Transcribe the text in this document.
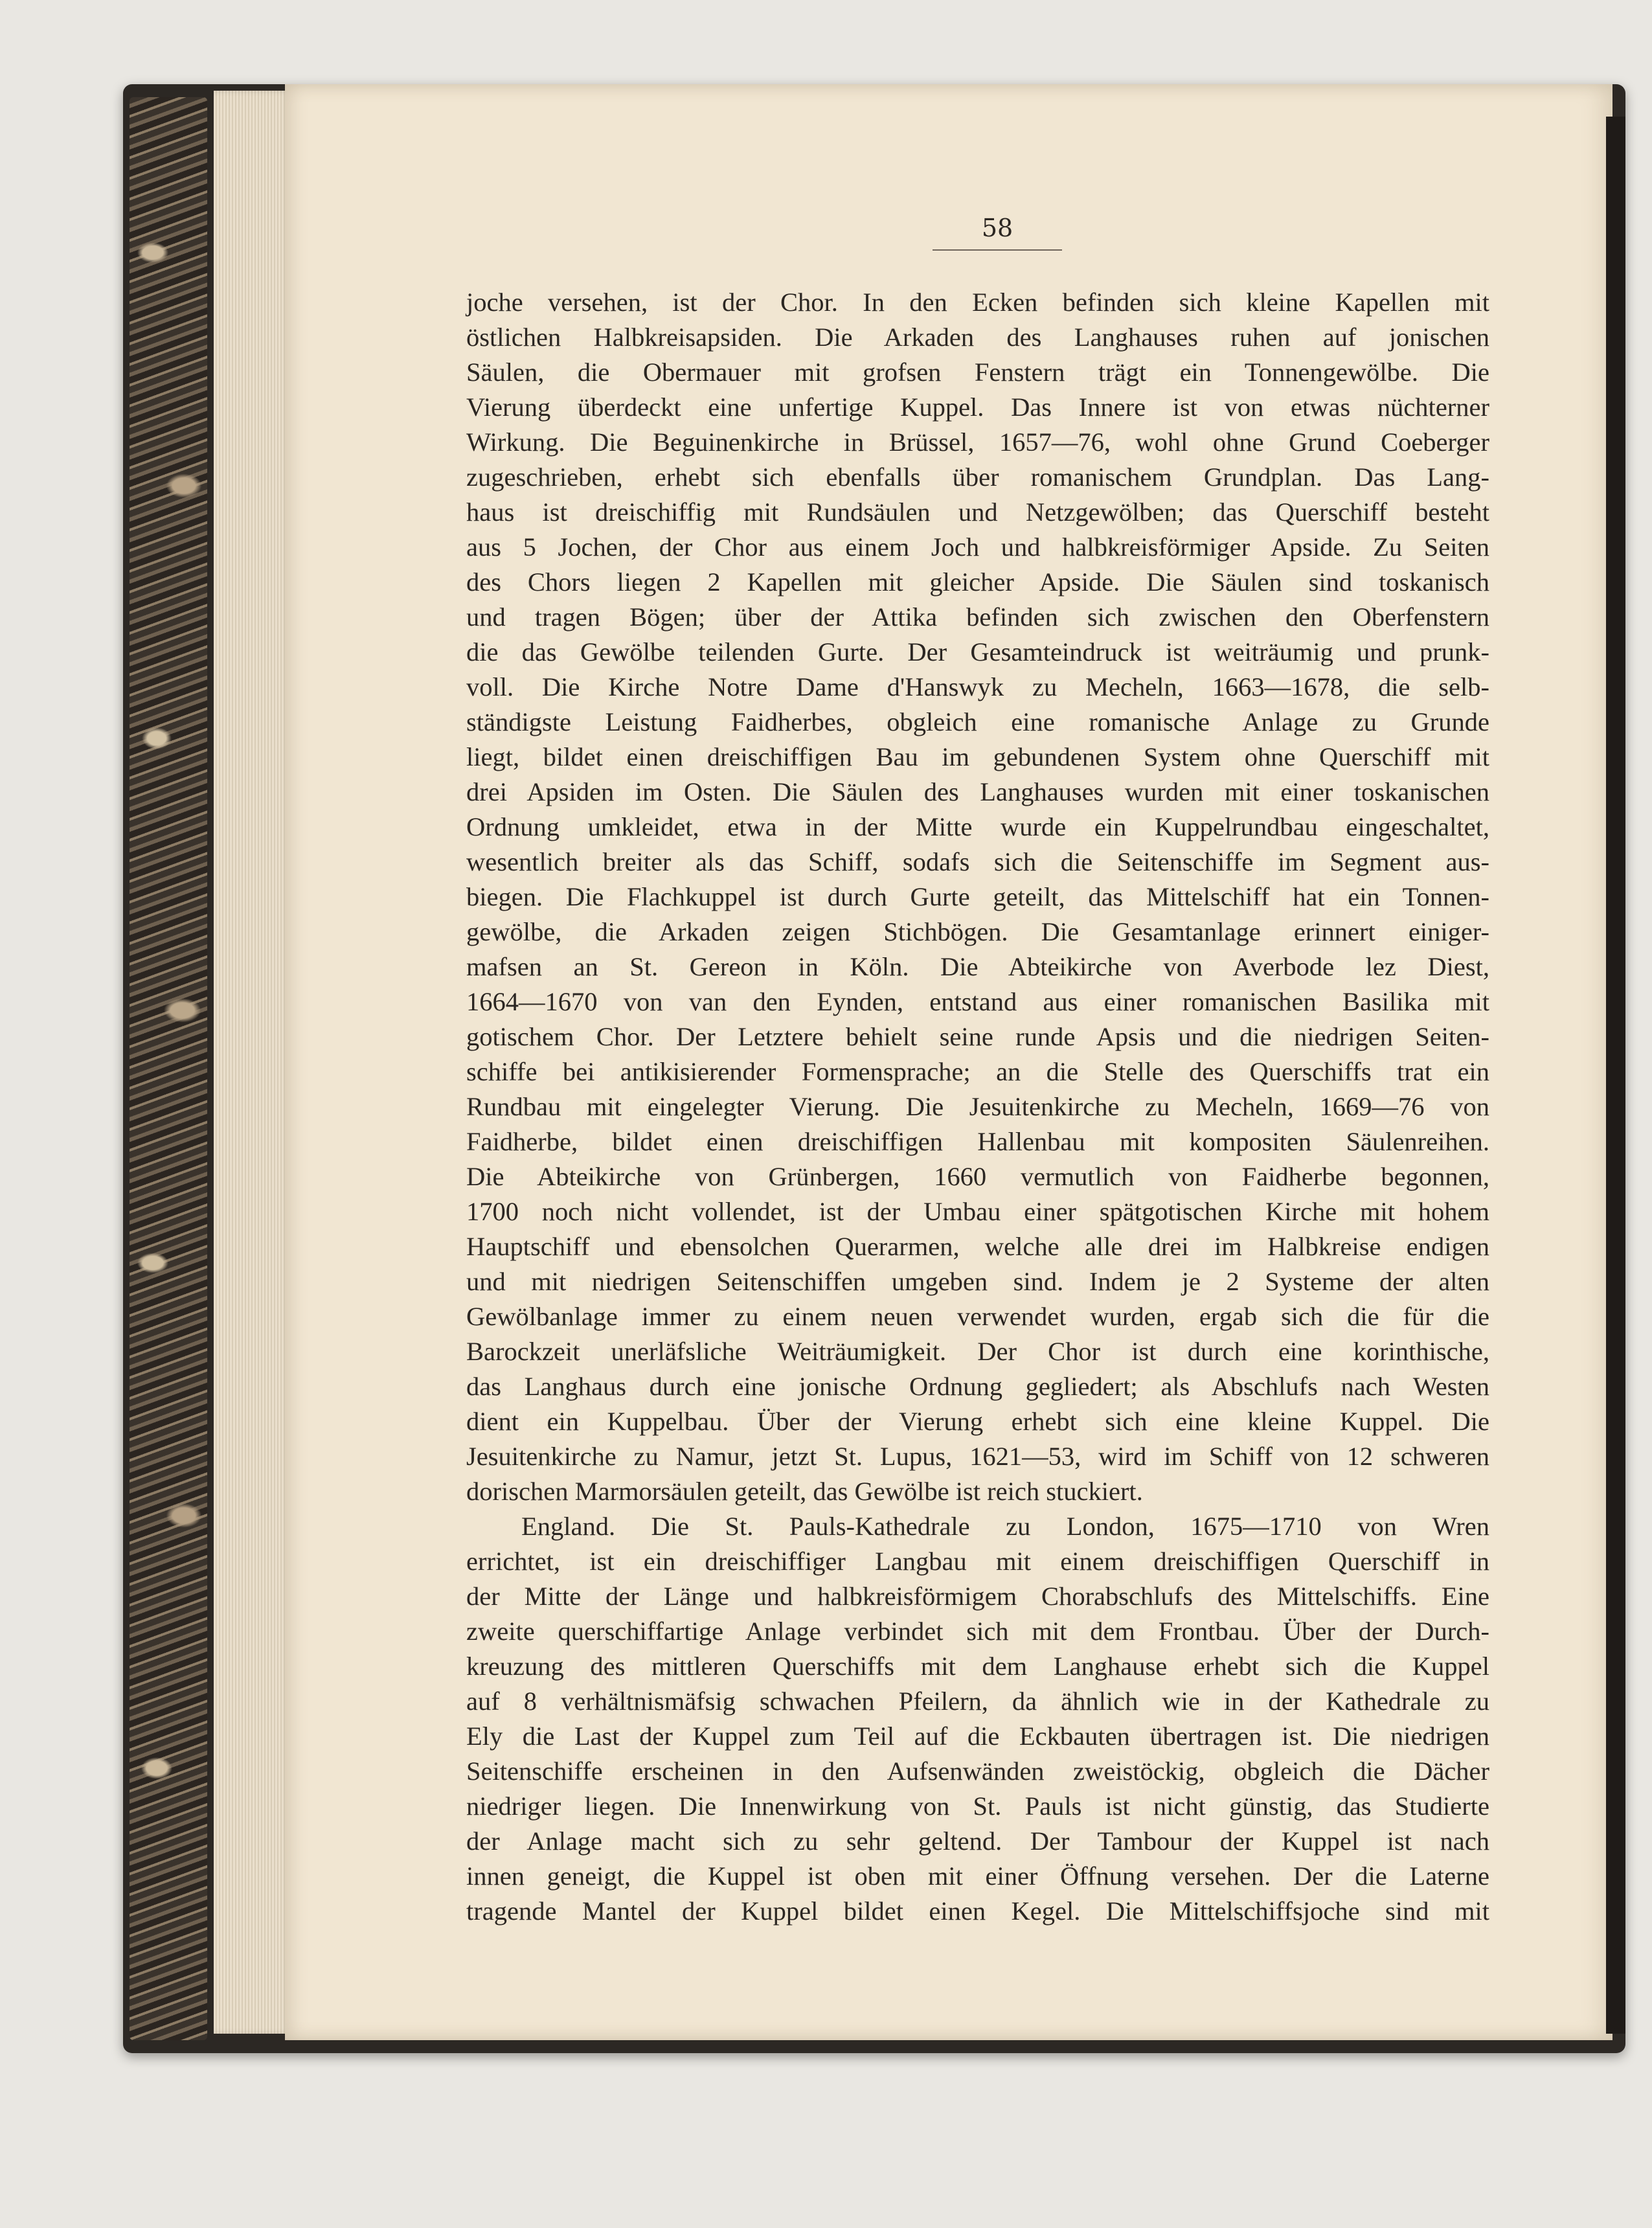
58
joche versehen, ist der Chor. In den Ecken befinden sich kleine Kapellen mit
östlichen Halbkreisapsiden. Die Arkaden des Langhauses ruhen auf jonischen
Säulen, die Obermauer mit grofsen Fenstern trägt ein Tonnengewölbe. Die
Vierung überdeckt eine unfertige Kuppel. Das Innere ist von etwas nüchterner
Wirkung. Die Beguinenkirche in Brüssel, 1657—76, wohl ohne Grund Coeberger
zugeschrieben, erhebt sich ebenfalls über romanischem Grundplan. Das Lang-
haus ist dreischiffig mit Rundsäulen und Netzgewölben; das Querschiff besteht
aus 5 Jochen, der Chor aus einem Joch und halbkreisförmiger Apside. Zu Seiten
des Chors liegen 2 Kapellen mit gleicher Apside. Die Säulen sind toskanisch
und tragen Bögen; über der Attika befinden sich zwischen den Oberfenstern
die das Gewölbe teilenden Gurte. Der Gesamteindruck ist weiträumig und prunk-
voll. Die Kirche Notre Dame d'Hanswyk zu Mecheln, 1663—1678, die selb-
ständigste Leistung Faidherbes, obgleich eine romanische Anlage zu Grunde
liegt, bildet einen dreischiffigen Bau im gebundenen System ohne Querschiff mit
drei Apsiden im Osten. Die Säulen des Langhauses wurden mit einer toskanischen
Ordnung umkleidet, etwa in der Mitte wurde ein Kuppelrundbau eingeschaltet,
wesentlich breiter als das Schiff, sodafs sich die Seitenschiffe im Segment aus-
biegen. Die Flachkuppel ist durch Gurte geteilt, das Mittelschiff hat ein Tonnen-
gewölbe, die Arkaden zeigen Stichbögen. Die Gesamtanlage erinnert einiger-
mafsen an St. Gereon in Köln. Die Abteikirche von Averbode lez Diest,
1664—1670 von van den Eynden, entstand aus einer romanischen Basilika mit
gotischem Chor. Der Letztere behielt seine runde Apsis und die niedrigen Seiten-
schiffe bei antikisierender Formensprache; an die Stelle des Querschiffs trat ein
Rundbau mit eingelegter Vierung. Die Jesuitenkirche zu Mecheln, 1669—76 von
Faidherbe, bildet einen dreischiffigen Hallenbau mit kompositen Säulenreihen.
Die Abteikirche von Grünbergen, 1660 vermutlich von Faidherbe begonnen,
1700 noch nicht vollendet, ist der Umbau einer spätgotischen Kirche mit hohem
Hauptschiff und ebensolchen Querarmen, welche alle drei im Halbkreise endigen
und mit niedrigen Seitenschiffen umgeben sind. Indem je 2 Systeme der alten
Gewölbanlage immer zu einem neuen verwendet wurden, ergab sich die für die
Barockzeit unerläfsliche Weiträumigkeit. Der Chor ist durch eine korinthische,
das Langhaus durch eine jonische Ordnung gegliedert; als Abschlufs nach Westen
dient ein Kuppelbau. Über der Vierung erhebt sich eine kleine Kuppel. Die
Jesuitenkirche zu Namur, jetzt St. Lupus, 1621—53, wird im Schiff von 12 schweren
dorischen Marmorsäulen geteilt, das Gewölbe ist reich stuckiert.
England. Die St. Pauls-Kathedrale zu London, 1675—1710 von Wren
errichtet, ist ein dreischiffiger Langbau mit einem dreischiffigen Querschiff in
der Mitte der Länge und halbkreisförmigem Chorabschlufs des Mittelschiffs. Eine
zweite querschiffartige Anlage verbindet sich mit dem Frontbau. Über der Durch-
kreuzung des mittleren Querschiffs mit dem Langhause erhebt sich die Kuppel
auf 8 verhältnismäfsig schwachen Pfeilern, da ähnlich wie in der Kathedrale zu
Ely die Last der Kuppel zum Teil auf die Eckbauten übertragen ist. Die niedrigen
Seitenschiffe erscheinen in den Aufsenwänden zweistöckig, obgleich die Dächer
niedriger liegen. Die Innenwirkung von St. Pauls ist nicht günstig, das Studierte
der Anlage macht sich zu sehr geltend. Der Tambour der Kuppel ist nach
innen geneigt, die Kuppel ist oben mit einer Öffnung versehen. Der die Laterne
tragende Mantel der Kuppel bildet einen Kegel. Die Mittelschiffsjoche sind mit
